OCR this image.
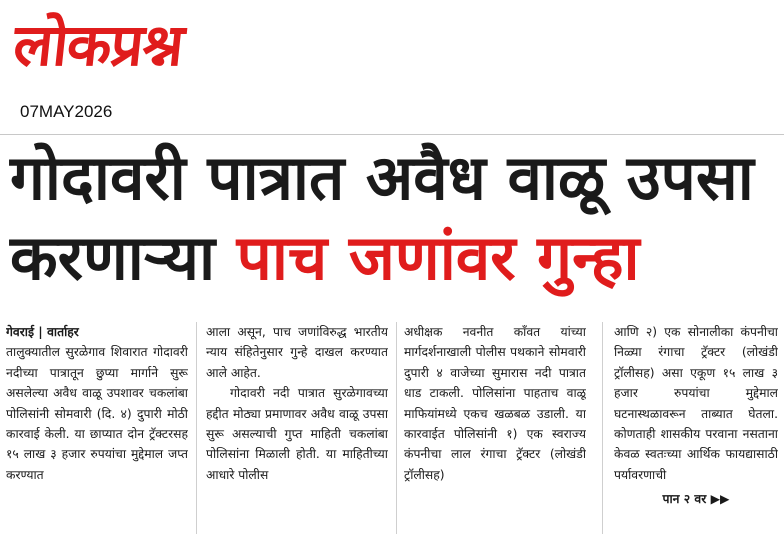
लोकप्रश्न
07MAY2026
गोदावरी पात्रात अवैध वाळू उपसा
करणाऱ्या पाच जणांवर गुन्हा
गेवराई | वार्ताहर
तालुक्यातील सुरळेगाव शिवारात गोदावरी नदीच्या पात्रातून छुप्या मार्गाने सुरू असलेल्या अवैध वाळू उपशावर चकलांबा पोलिसांनी सोमवारी (दि. ४) दुपारी मोठी कारवाई केली. या छाप्यात दोन ट्रॅक्टरसह १५ लाख ३ हजार रुपयांचा मुद्देमाल जप्त करण्यात
आला असून, पाच जणांविरुद्ध भारतीय न्याय संहितेनुसार गुन्हे दाखल करण्यात आले आहेत.
गोदावरी नदी पात्रात सुरळेगावच्या हद्दीत मोठ्या प्रमाणावर अवैध वाळू उपसा सुरू असल्याची गुप्त माहिती चकलांबा पोलिसांना मिळाली होती. या माहितीच्या आधारे पोलीस
अधीक्षक नवनीत कॉंवत यांच्या मार्गदर्शनाखाली पोलीस पथकाने सोमवारी दुपारी ४ वाजेच्या सुमारास नदी पात्रात धाड टाकली. पोलिसांना पाहताच वाळू माफियांमध्ये एकच खळबळ उडाली. या कारवाईत पोलिसांनी १) एक स्वराज्य कंपनीचा लाल रंगाचा ट्रॅक्टर (लोखंडी ट्रॉलीसह)
आणि २) एक सोनालीका कंपनीचा निळ्या रंगाचा ट्रॅक्टर (लोखंडी ट्रॉलीसह) असा एकूण १५ लाख ३ हजार रुपयांचा मुद्देमाल घटनास्थळावरून ताब्यात घेतला. कोणताही शासकीय परवाना नसताना केवळ स्वतःच्या आर्थिक फायद्यासाठी पर्यावरणाची
पान २ वर ▶▶
